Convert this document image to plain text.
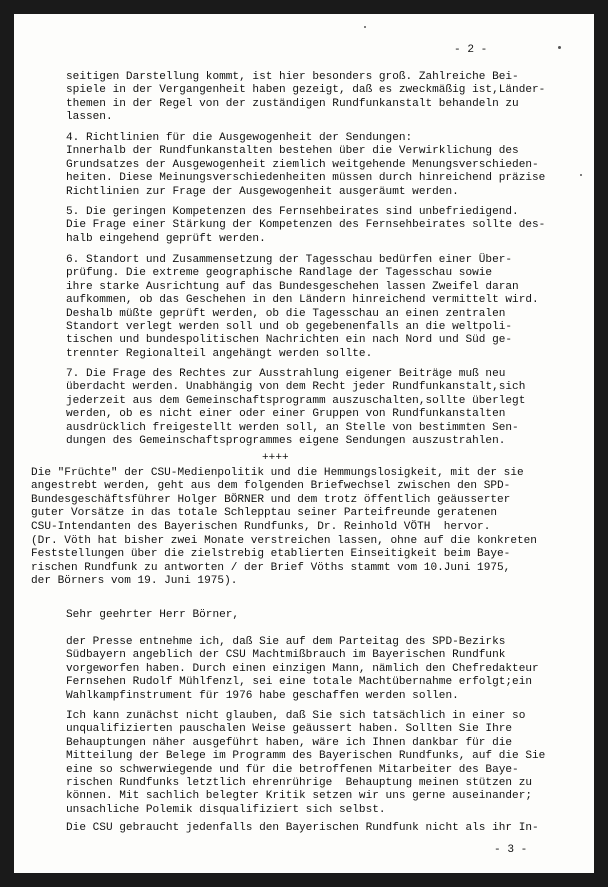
- 2 -
seitigen Darstellung kommt, ist hier besonders groß. Zahlreiche Bei-
spiele in der Vergangenheit haben gezeigt, daß es zweckmäßig ist,Länder-
themen in der Regel von der zuständigen Rundfunkanstalt behandeln zu
lassen.
4. Richtlinien für die Ausgewogenheit der Sendungen:
Innerhalb der Rundfunkanstalten bestehen über die Verwirklichung des
Grundsatzes der Ausgewogenheit ziemlich weitgehende Menungsverschieden-
heiten. Diese Meinungsverschiedenheiten müssen durch hinreichend präzise
Richtlinien zur Frage der Ausgewogenheit ausgeräumt werden.
5. Die geringen Kompetenzen des Fernsehbeirates sind unbefriedigend.
Die Frage einer Stärkung der Kompetenzen des Fernsehbeirates sollte des-
halb eingehend geprüft werden.
6. Standort und Zusammensetzung der Tagesschau bedürfen einer Über-
prüfung. Die extreme geographische Randlage der Tagesschau sowie
ihre starke Ausrichtung auf das Bundesgeschehen lassen Zweifel daran
aufkommen, ob das Geschehen in den Ländern hinreichend vermittelt wird.
Deshalb müßte geprüft werden, ob die Tagesschau an einen zentralen
Standort verlegt werden soll und ob gegebenenfalls an die weltpoli-
tischen und bundespolitischen Nachrichten ein nach Nord und Süd ge-
trennter Regionalteil angehängt werden sollte.
7. Die Frage des Rechtes zur Ausstrahlung eigener Beiträge muß neu
überdacht werden. Unabhängig von dem Recht jeder Rundfunkanstalt,sich
jederzeit aus dem Gemeinschaftsprogramm auszuschalten,sollte überlegt
werden, ob es nicht einer oder einer Gruppen von Rundfunkanstalten
ausdrücklich freigestellt werden soll, an Stelle von bestimmten Sen-
dungen des Gemeinschaftsprogrammes eigene Sendungen auszustrahlen.
++++
Die "Früchte" der CSU-Medienpolitik und die Hemmungslosigkeit, mit der sie
angestrebt werden, geht aus dem folgenden Briefwechsel zwischen den SPD-
Bundesgeschäftsführer Holger BÖRNER und dem trotz öffentlich geäusserter
guter Vorsätze in das totale Schlepptau seiner Parteifreunde geratenen
CSU-Intendanten des Bayerischen Rundfunks, Dr. Reinhold VÖTH  hervor.
(Dr. Vöth hat bisher zwei Monate verstreichen lassen, ohne auf die konkreten
Feststellungen über die zielstrebig etablierten Einseitigkeit beim Baye-
rischen Rundfunk zu antworten / der Brief Vöths stammt vom 10.Juni 1975,
der Börners vom 19. Juni 1975).
Sehr geehrter Herr Börner,
der Presse entnehme ich, daß Sie auf dem Parteitag des SPD-Bezirks
Südbayern angeblich der CSU Machtmißbrauch im Bayerischen Rundfunk
vorgeworfen haben. Durch einen einzigen Mann, nämlich den Chefredakteur
Fernsehen Rudolf Mühlfenzl, sei eine totale Machtübernahme erfolgt;ein
Wahlkampfinstrument für 1976 habe geschaffen werden sollen.
Ich kann zunächst nicht glauben, daß Sie sich tatsächlich in einer so
unqualifizierten pauschalen Weise geäussert haben. Sollten Sie Ihre
Behauptungen näher ausgeführt haben, wäre ich Ihnen dankbar für die
Mitteilung der Belege im Programm des Bayerischen Rundfunks, auf die Sie
eine so schwerwiegende und für die betroffenen Mitarbeiter des Baye-
rischen Rundfunks letztlich ehrenrührige  Behauptung meinen stützen zu
können. Mit sachlich belegter Kritik setzen wir uns gerne auseinander;
unsachliche Polemik disqualifiziert sich selbst.
Die CSU gebraucht jedenfalls den Bayerischen Rundfunk nicht als ihr In-
- 3 -
